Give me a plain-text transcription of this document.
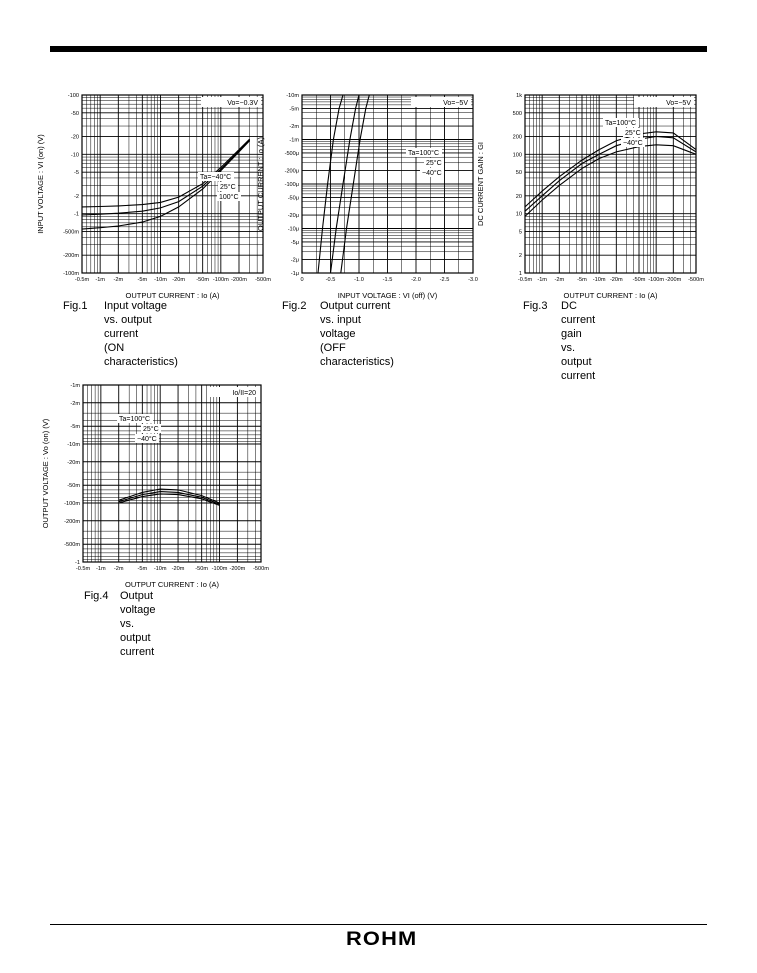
-0.5m -1m -2m	-5m -10m -20m -50m -100m -200m -500m
-100
-50
-20
-10
-5
-2
-1
-500m
-200m
-100m
OUTPUT CURRENT : Io (A)
INPUT VOLTAGE : VI (on) (V)
Vo=−0.3V
Ta=−40°C
25°C
100°C
0	-0.5	-1.0	-1.5	-2.0	-2.5	-3.0
-10m
-5m
-2m
-1m
-500μ
-200μ
-100μ
-50μ
-20μ
-10μ
-5μ
-2μ
-1μ
INPUT VOLTAGE : VI (off) (V)
OUTPUT CURRENT : Io (A)
Vo=−5V
Ta=100°C
25°C
−40°C
-0.5m -1m -2m -5m -10m -20m -50m -100m -200m -500m
1k
500
200
100
50
20
10
5
2
1
OUTPUT CURRENT : Io (A)
DC CURRENT GAIN : GI
Vo=−5V
Ta=100°C
25°C
−40°C
-0.5m -1m -2m -5m -10m -20m -50m -100m -200m -500m
-1
-500m
-200m
-100m
-50m
-20m
-10m
-5m
-2m
-1m
OUTPUT CURRENT : Io (A)
OUTPUT VOLTAGE : Vo (on) (V)
Io/II=20
Ta=100°C
25°C
−40°C
Fig.1 Input voltage vs. output current
(ON characteristics)
Fig.2 Output current vs. input voltage
(OFF characteristics)
Fig.3 DC current gain vs. output
current
Fig.4 Output voltage vs. output
current
ROHM
